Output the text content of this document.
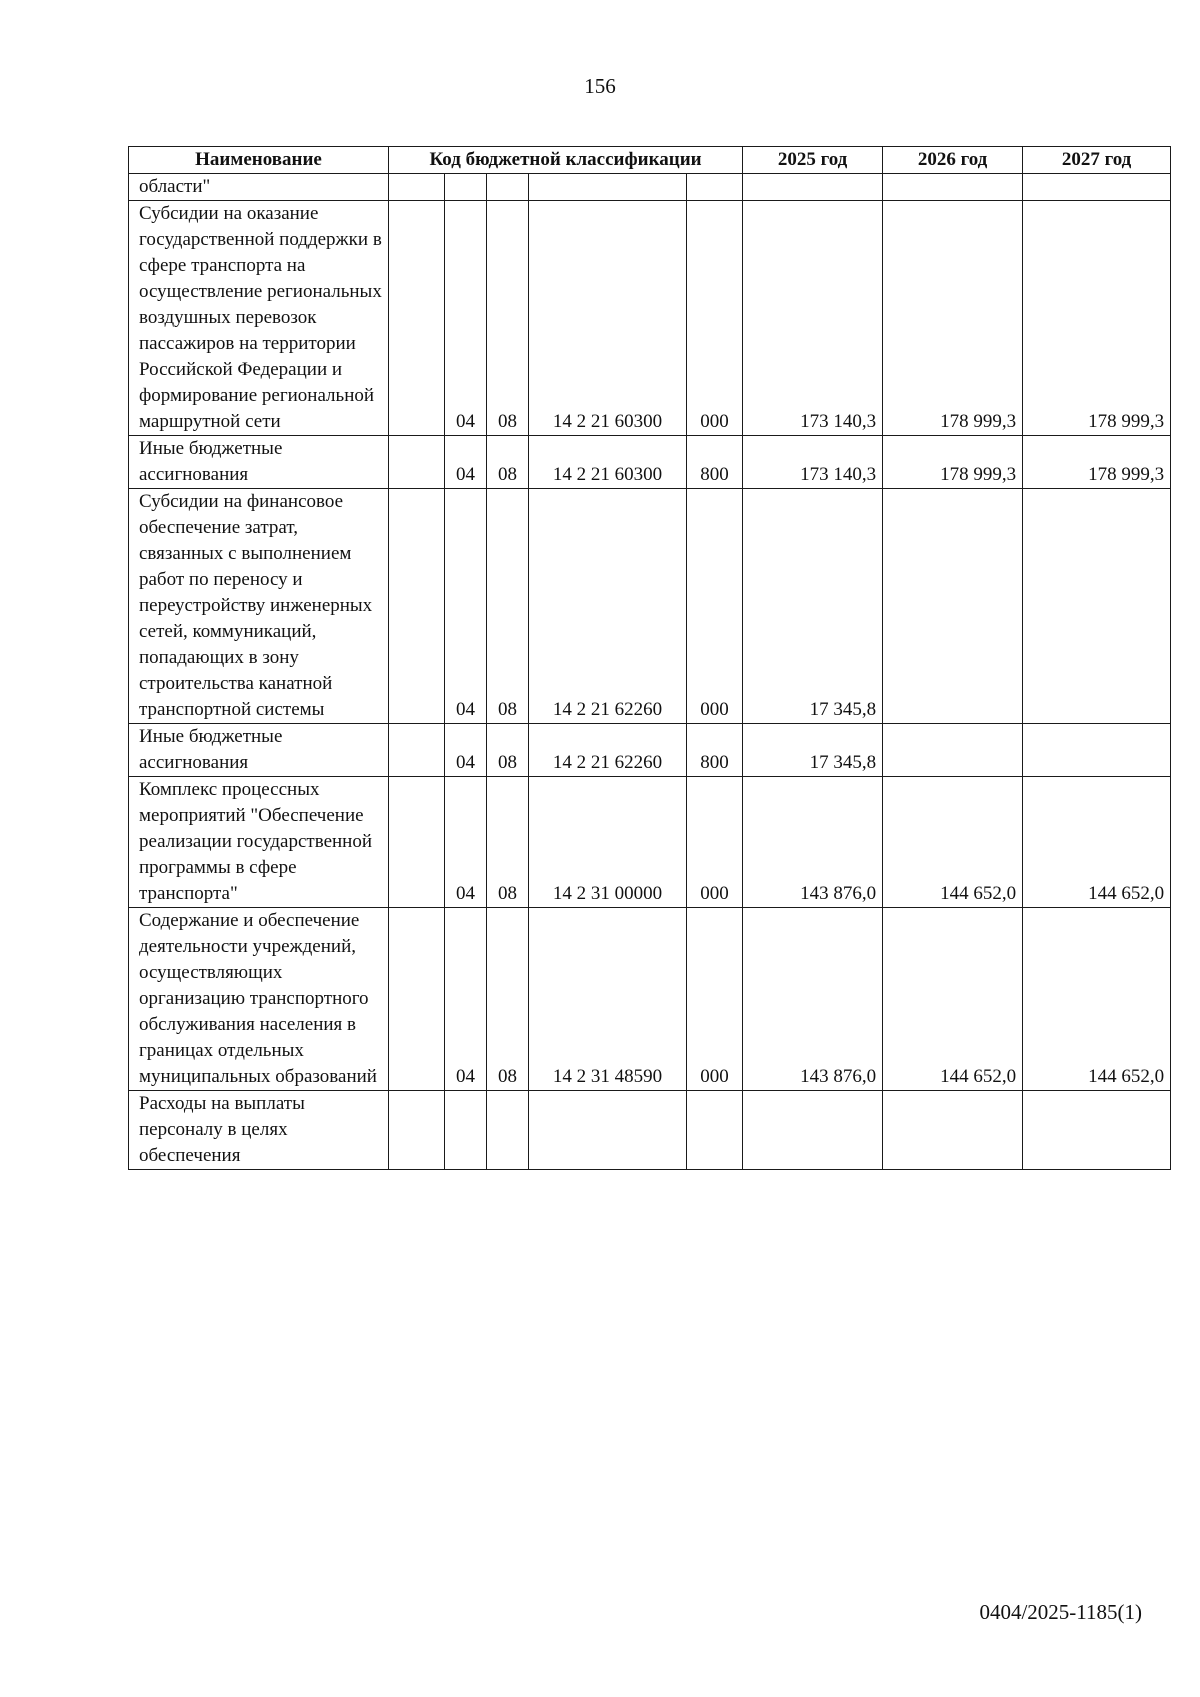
156
Наименование	Код бюджетной классификации					2025 год	2026 год	2027 год
области"								
Субсидии на оказание государственной поддержки в сфере транспорта на осуществление региональных воздушных перевозок пассажиров на территории Российской Федерации и формирование региональной маршрутной сети		04	08	14 2 21 60300	000	173 140,3	178 999,3	178 999,3
Иные бюджетные ассигнования		04	08	14 2 21 60300	800	173 140,3	178 999,3	178 999,3
Субсидии на финансовое обеспечение затрат, связанных с выполнением работ по переносу и переустройству инженерных сетей, коммуникаций, попадающих в зону строительства канатной транспортной системы		04	08	14 2 21 62260	000	17 345,8		
Иные бюджетные ассигнования		04	08	14 2 21 62260	800	17 345,8		
Комплекс процессных мероприятий "Обеспечение реализации государственной программы в сфере транспорта"		04	08	14 2 31 00000	000	143 876,0	144 652,0	144 652,0
Содержание и обеспечение деятельности учреждений, осуществляющих организацию транспортного обслуживания населения в границах отдельных муниципальных образований		04	08	14 2 31 48590	000	143 876,0	144 652,0	144 652,0
Расходы на выплаты персоналу в целях обеспечения								
0404/2025-1185(1)
